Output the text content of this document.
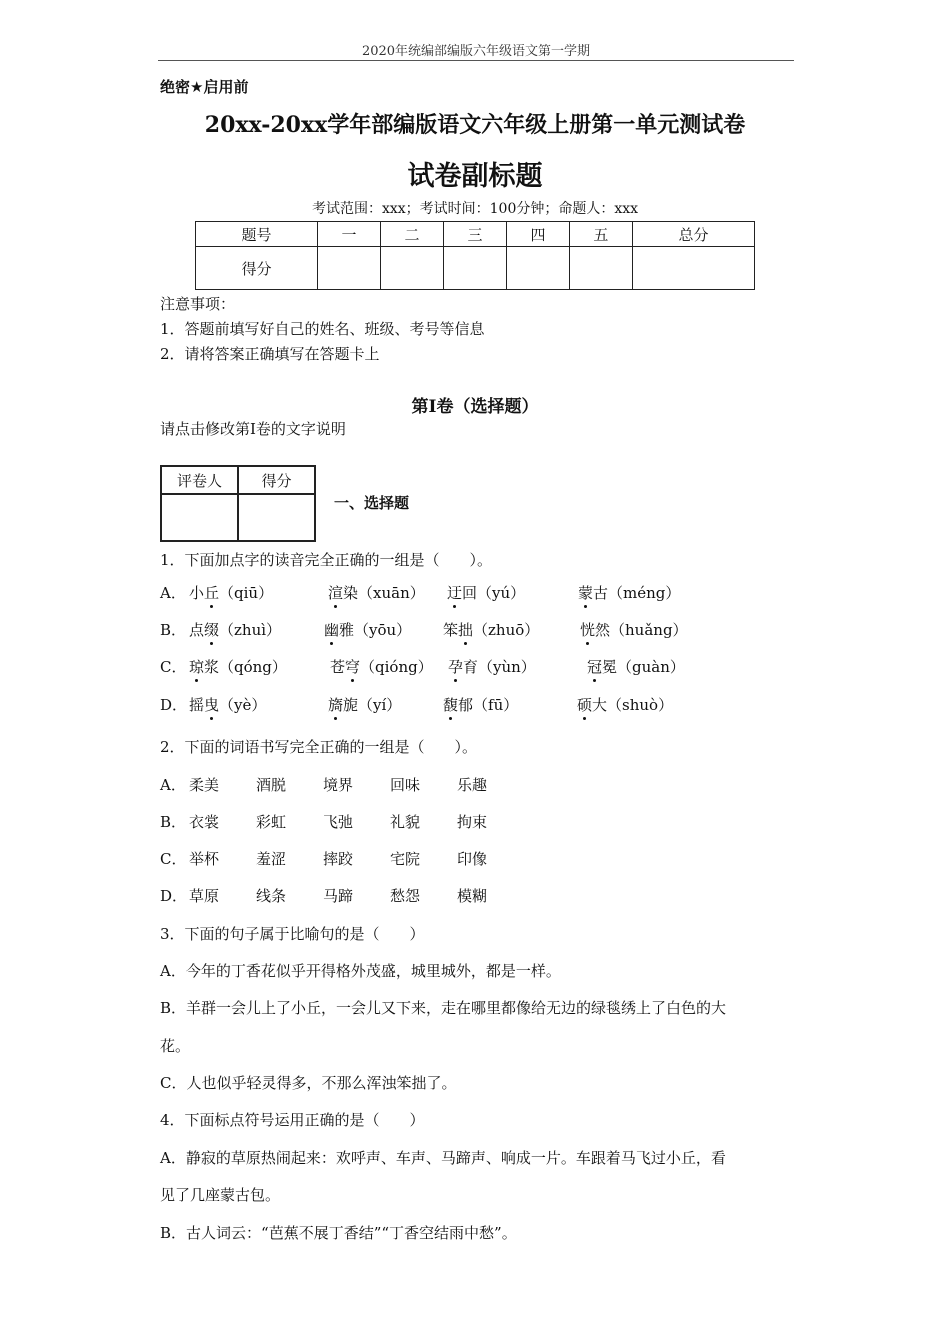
2020年统编部编版六年级语文第一学期
绝密★启用前
20xx-20xx学年部编版语文六年级上册第一单元测试卷
试卷副标题
考试范围：xxx；考试时间：100分钟；命题人：xxx
题号	一	二	三	四	五	总分
得分						
注意事项：
1．答题前填写好自己的姓名、班级、考号等信息
2．请将答案正确填写在答题卡上
第I卷（选择题）
请点击修改第I卷的文字说明
评卷人	得分

一、选择题
1．下面加点字的读音完全正确的一组是（　　）。
A． 小丘（qiū）	渲染（xuān） 迂回（yú）	蒙古（méng）
B． 点缀（zhuì）	幽雅（yōu） 笨拙（zhuō）	恍然（huǎng）
C． 琼浆（qóng）	苍穹（qióng） 孕育（yùn）	冠冕（guàn）
D． 摇曳（yè）	旖旎（yí）	馥郁（fū）	硕大（shuò）
2．下面的词语书写完全正确的一组是（　　）。
A． 柔美 酒脱 境界 回味 乐趣
B． 衣裳 彩虹 飞弛 礼貌 拘束
C． 举杯 羞涩 摔跤 宅院 印像
D． 草原 线条 马蹄 愁怨 模糊
3．下面的句子属于比喻句的是（　　）
A．今年的丁香花似乎开得格外茂盛，城里城外，都是一样。
B．羊群一会儿上了小丘，一会儿又下来，走在哪里都像给无边的绿毯绣上了白色的大
花。
C．人也似乎轻灵得多，不那么浑浊笨拙了。
4．下面标点符号运用正确的是（　　）
A．静寂的草原热闹起来：欢呼声、车声、马蹄声、响成一片。车跟着马飞过小丘，看
见了几座蒙古包。
B．古人词云：“芭蕉不展丁香结”“丁香空结雨中愁”。
